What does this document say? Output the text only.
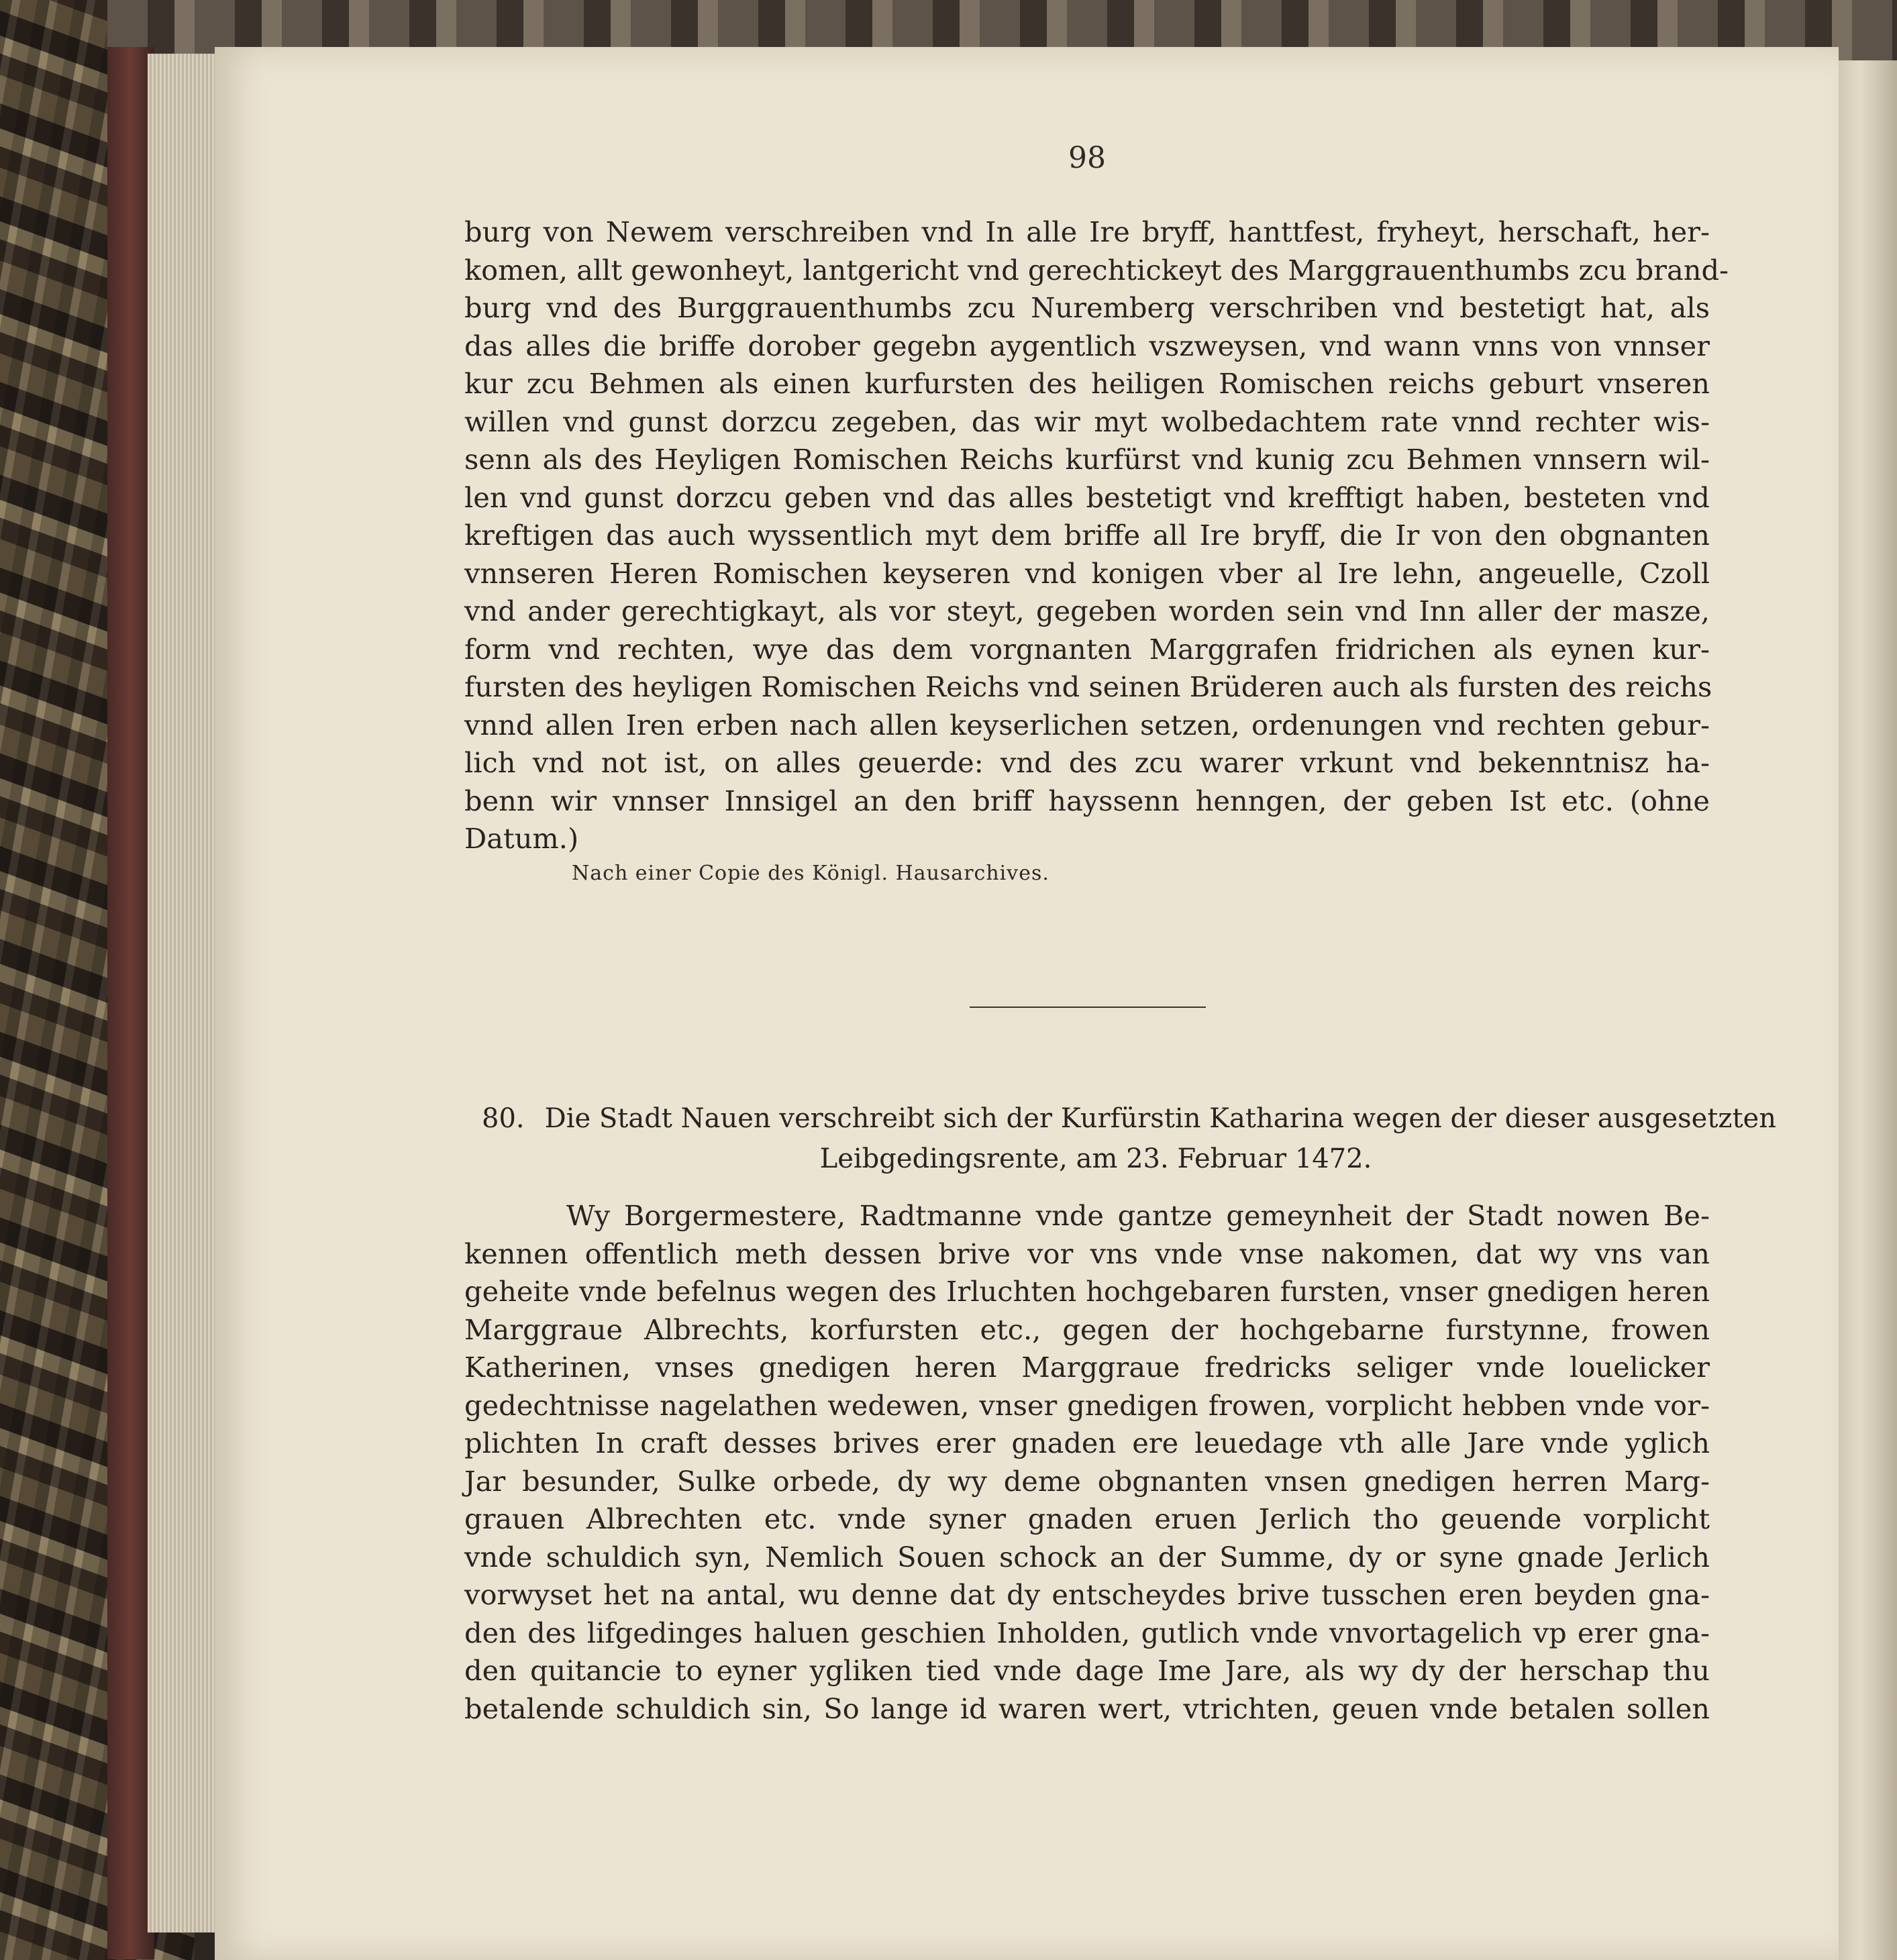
98
burg von Newem verschreiben vnd In alle Ire bryff, hanttfest, fryheyt, herschaft, her-
komen, allt gewonheyt, lantgericht vnd gerechtickeyt des Marggrauenthumbs zcu brand-
burg vnd des Burggrauenthumbs zcu Nuremberg verschriben vnd bestetigt hat, als
das alles die briffe dorober gegebn aygentlich vszweysen, vnd wann vnns von vnnser
kur zcu Behmen als einen kurfursten des heiligen Romischen reichs geburt vnseren
willen vnd gunst dorzcu zegeben, das wir myt wolbedachtem rate vnnd rechter wis-
senn als des Heyligen Romischen Reichs kurfürst vnd kunig zcu Behmen vnnsern wil-
len vnd gunst dorzcu geben vnd das alles bestetigt vnd krefftigt haben, besteten vnd
kreftigen das auch wyssentlich myt dem briffe all Ire bryff, die Ir von den obgnanten
vnnseren Heren Romischen keyseren vnd konigen vber al Ire lehn, angeuelle, Czoll
vnd ander gerechtigkayt, als vor steyt, gegeben worden sein vnd Inn aller der masze,
form vnd rechten, wye das dem vorgnanten Marggrafen fridrichen als eynen kur-
fursten des heyligen Romischen Reichs vnd seinen Brüderen auch als fursten des reichs
vnnd allen Iren erben nach allen keyserlichen setzen, ordenungen vnd rechten gebur-
lich vnd not ist, on alles geuerde: vnd des zcu warer vrkunt vnd bekenntnisz ha-
benn wir vnnser Innsigel an den briff hayssenn henngen, der geben Ist etc. (ohne
Datum.)
Nach einer Copie des Königl. Hausarchives.
80. Die Stadt Nauen verschreibt sich der Kurfürstin Katharina wegen der dieser ausgesetzten
Leibgedingsrente, am 23. Februar 1472.
Wy Borgermestere, Radtmanne vnde gantze gemeynheit der Stadt nowen Be-
kennen offentlich meth dessen brive vor vns vnde vnse nakomen, dat wy vns van
geheite vnde befelnus wegen des Irluchten hochgebaren fursten, vnser gnedigen heren
Marggraue Albrechts, korfursten etc., gegen der hochgebarne furstynne, frowen
Katherinen, vnses gnedigen heren Marggraue fredricks seliger vnde louelicker
gedechtnisse nagelathen wedewen, vnser gnedigen frowen, vorplicht hebben vnde vor-
plichten In craft desses brives erer gnaden ere leuedage vth alle Jare vnde yglich
Jar besunder, Sulke orbede, dy wy deme obgnanten vnsen gnedigen herren Marg-
grauen Albrechten etc. vnde syner gnaden eruen Jerlich tho geuende vorplicht
vnde schuldich syn, Nemlich Souen schock an der Summe, dy or syne gnade Jerlich
vorwyset het na antal, wu denne dat dy entscheydes brive tusschen eren beyden gna-
den des lifgedinges haluen geschien Inholden, gutlich vnde vnvortagelich vp erer gna-
den quitancie to eyner ygliken tied vnde dage Ime Jare, als wy dy der herschap thu
betalende schuldich sin, So lange id waren wert, vtrichten, geuen vnde betalen sollen
